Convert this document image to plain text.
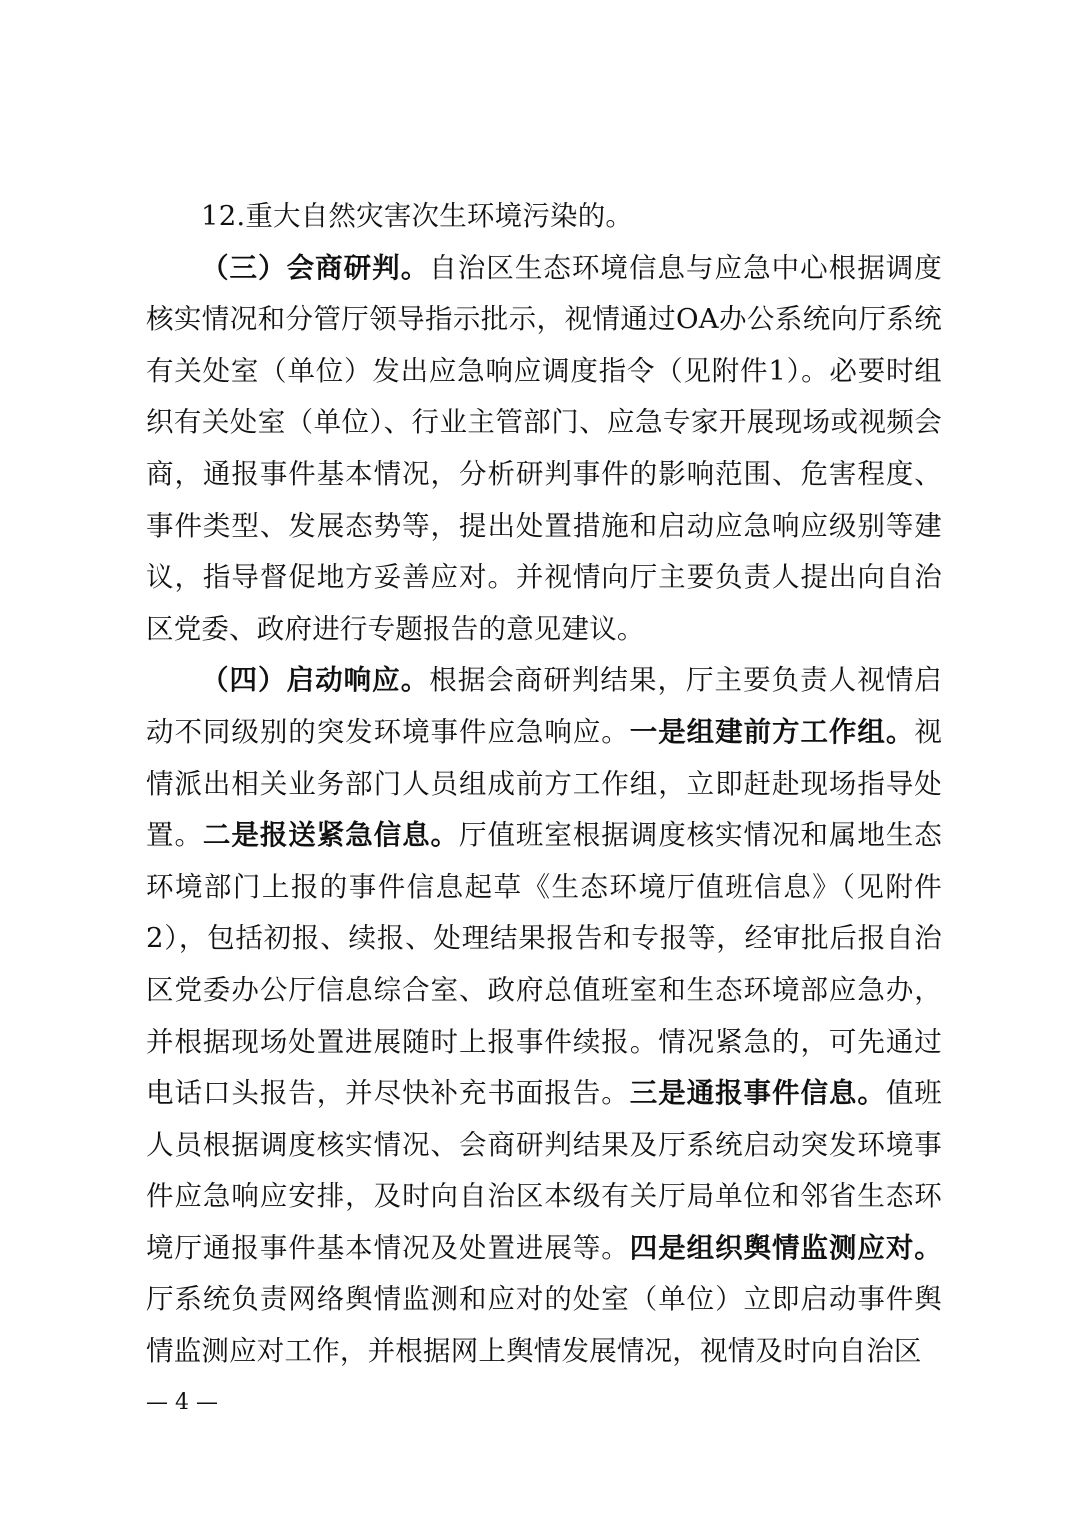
12.重大自然灾害次生环境污染的。

（三）会商研判。自治区生态环境信息与应急中心根据调度核实情况和分管厅领导指示批示，视情通过OA办公系统向厅系统有关处室（单位）发出应急响应调度指令（见附件1）。必要时组织有关处室（单位）、行业主管部门、应急专家开展现场或视频会商，通报事件基本情况，分析研判事件的影响范围、危害程度、事件类型、发展态势等，提出处置措施和启动应急响应级别等建议，指导督促地方妥善应对。并视情向厅主要负责人提出向自治区党委、政府进行专题报告的意见建议。

（四）启动响应。根据会商研判结果，厅主要负责人视情启动不同级别的突发环境事件应急响应。一是组建前方工作组。视情派出相关业务部门人员组成前方工作组，立即赶赴现场指导处置。二是报送紧急信息。厅值班室根据调度核实情况和属地生态环境部门上报的事件信息起草《生态环境厅值班信息》（见附件2），包括初报、续报、处理结果报告和专报等，经审批后报自治区党委办公厅信息综合室、政府总值班室和生态环境部应急办，并根据现场处置进展随时上报事件续报。情况紧急的，可先通过电话口头报告，并尽快补充书面报告。三是通报事件信息。值班人员根据调度核实情况、会商研判结果及厅系统启动突发环境事件应急响应安排，及时向自治区本级有关厅局单位和邻省生态环境厅通报事件基本情况及处置进展等。四是组织舆情监测应对。厅系统负责网络舆情监测和应对的处室（单位）立即启动事件舆情监测应对工作，并根据网上舆情发展情况，视情及时向自治区

— 4 —
